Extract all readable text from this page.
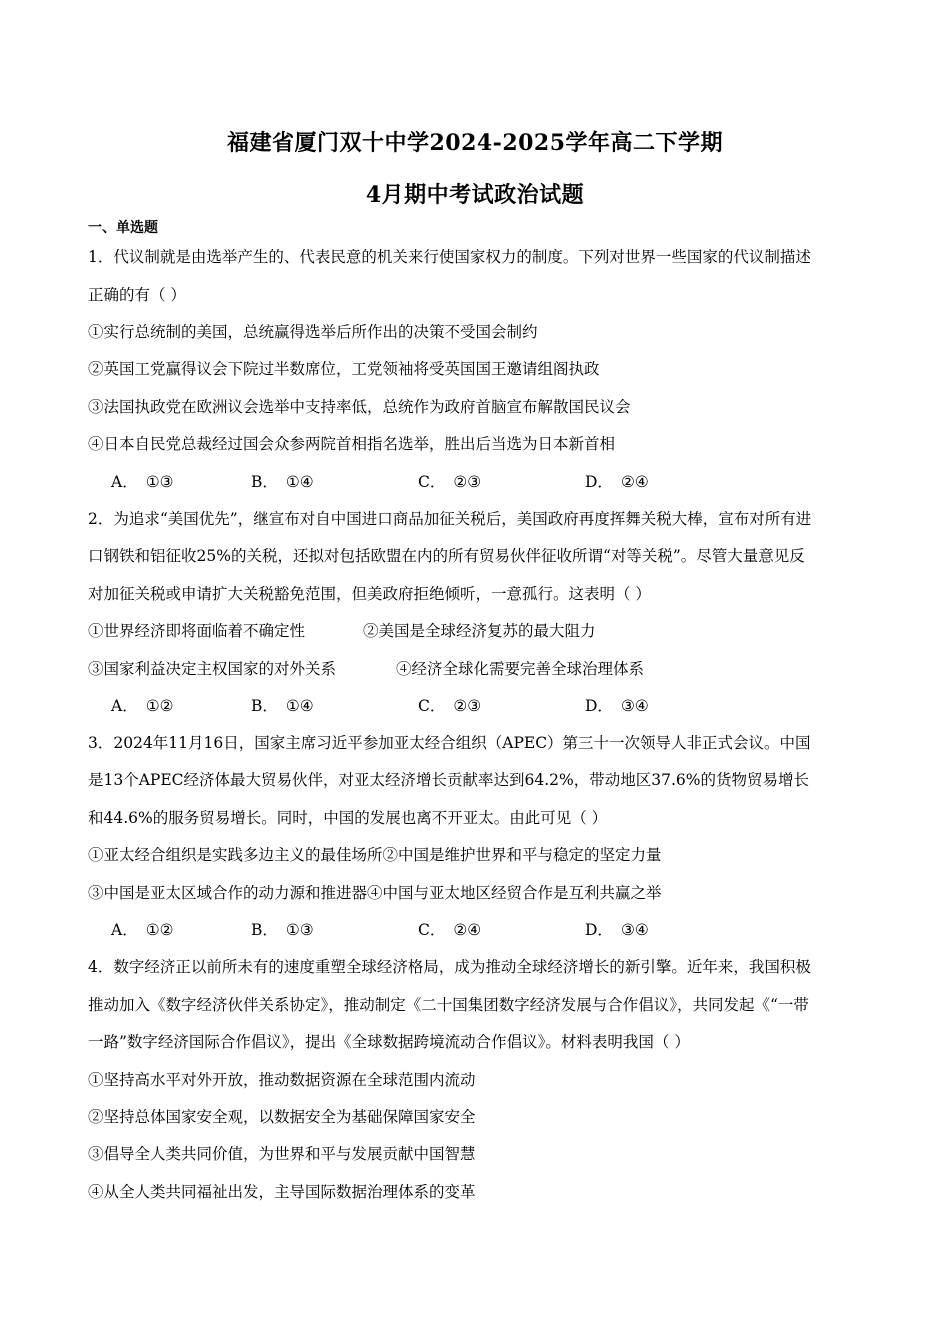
福建省厦门双十中学2024-2025学年高二下学期
4月期中考试政治试题
一、单选题
1．代议制就是由选举产生的、代表民意的机关来行使国家权力的制度。下列对世界一些国家的代议制描述
正确的有（ ）
①实行总统制的美国，总统赢得选举后所作出的决策不受国会制约
②英国工党赢得议会下院过半数席位，工党领袖将受英国国王邀请组阁执政
③法国执政党在欧洲议会选举中支持率低，总统作为政府首脑宣布解散国民议会
④日本自民党总裁经过国会众参两院首相指名选举，胜出后当选为日本新首相
A． ①③	B． ①④	C． ②③	D． ②④
2．为追求“美国优先”，继宣布对自中国进口商品加征关税后，美国政府再度挥舞关税大棒，宣布对所有进
口钢铁和铝征收25%的关税，还拟对包括欧盟在内的所有贸易伙伴征收所谓“对等关税”。尽管大量意见反
对加征关税或申请扩大关税豁免范围，但美政府拒绝倾听，一意孤行。这表明（ ）
①世界经济即将面临着不确定性	②美国是全球经济复苏的最大阻力
③国家利益决定主权国家的对外关系	④经济全球化需要完善全球治理体系
A． ①②	B． ①④	C． ②③	D． ③④
3．2024年11月16日，国家主席习近平参加亚太经合组织（APEC）第三十一次领导人非正式会议。中国
是13个APEC经济体最大贸易伙伴，对亚太经济增长贡献率达到64.2%，带动地区37.6%的货物贸易增长
和44.6%的服务贸易增长。同时，中国的发展也离不开亚太。由此可见（ ）
①亚太经合组织是实践多边主义的最佳场所②中国是维护世界和平与稳定的坚定力量
③中国是亚太区域合作的动力源和推进器④中国与亚太地区经贸合作是互利共赢之举
A． ①②	B． ①③	C． ②④	D． ③④
4．数字经济正以前所未有的速度重塑全球经济格局，成为推动全球经济增长的新引擎。近年来，我国积极
推动加入《数字经济伙伴关系协定》，推动制定《二十国集团数字经济发展与合作倡议》，共同发起《“一带
一路”数字经济国际合作倡议》，提出《全球数据跨境流动合作倡议》。材料表明我国（ ）
①坚持高水平对外开放，推动数据资源在全球范围内流动
②坚持总体国家安全观，以数据安全为基础保障国家安全
③倡导全人类共同价值，为世界和平与发展贡献中国智慧
④从全人类共同福祉出发，主导国际数据治理体系的变革
